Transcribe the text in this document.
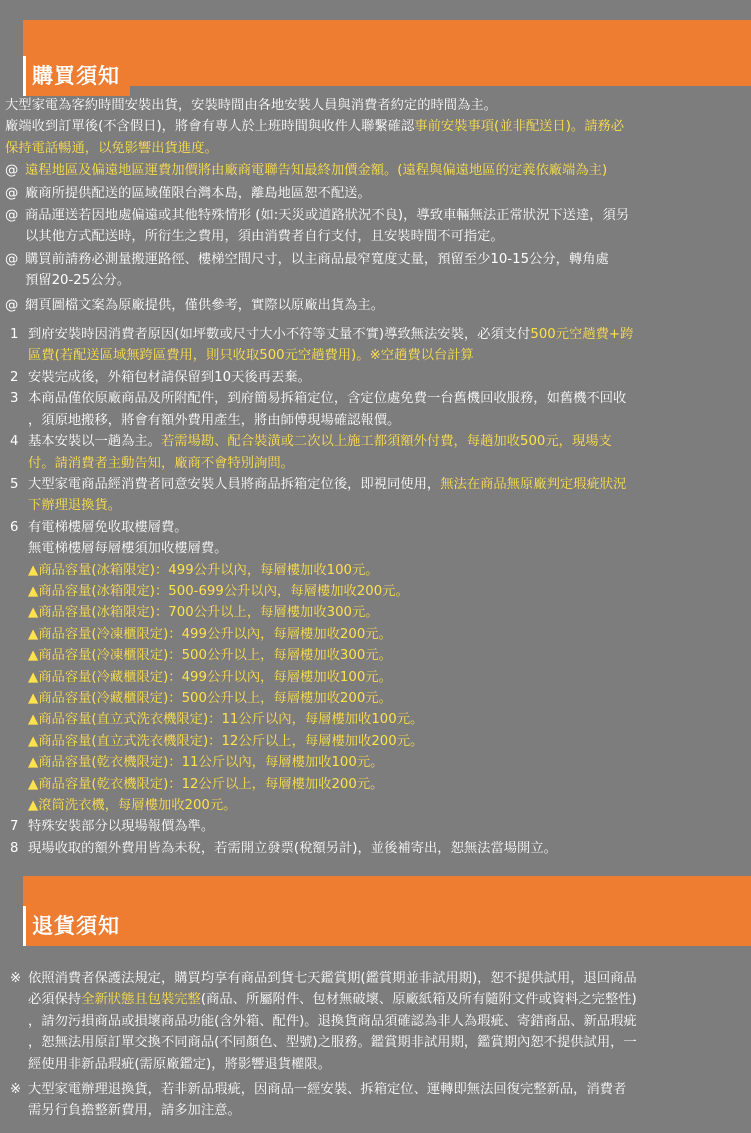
購買須知

大型家電為客約時間安裝出貨，安裝時間由各地安裝人員與消費者約定的時間為主。

廠端收到訂單後(不含假日)，將會有專人於上班時間與收件人聯繫確認事前安裝事項(並非配送日)。請務必

保持電話暢通，以免影響出貨進度。

@ 遠程地區及偏遠地區運費加價將由廠商電聯告知最終加價金額。(遠程與偏遠地區的定義依廠端為主)

@ 廠商所提供配送的區域僅限台灣本島，離島地區恕不配送。

@ 商品運送若因地處偏遠或其他特殊情形 (如:天災或道路狀況不良)，導致車輛無法正常狀況下送達，須另

以其他方式配送時，所衍生之費用，須由消費者自行支付，且安裝時間不可指定。

@ 購買前請務必測量搬運路徑、樓梯空間尺寸，以主商品最窄寬度丈量，預留至少10-15公分，轉角處

預留20-25公分。

@ 網頁圖檔文案為原廠提供，僅供參考，實際以原廠出貨為主。

1 到府安裝時因消費者原因(如坪數或尺寸大小不符等丈量不實)導致無法安裝，必須支付500元空趟費+跨

區費(若配送區域無跨區費用，則只收取500元空趟費用)。※空趟費以台計算

2 安裝完成後，外箱包材請保留到10天後再丟棄。

3 本商品僅依原廠商品及所附配件，到府簡易拆箱定位，含定位處免費一台舊機回收服務，如舊機不回收

，須原地搬移，將會有額外費用產生，將由師傅現場確認報價。

4 基本安裝以一趟為主。若需場勘、配合裝潢或二次以上施工都須額外付費，每趟加收500元，現場支

付。請消費者主動告知，廠商不會特別詢問。

5 大型家電商品經消費者同意安裝人員將商品拆箱定位後，即視同使用，無法在商品無原廠判定瑕疵狀況

下辦理退換貨。

6 有電梯樓層免收取樓層費。

無電梯樓層每層樓須加收樓層費。

▲商品容量(冰箱限定)：499公升以內，每層樓加收100元。

▲商品容量(冰箱限定)：500-699公升以內，每層樓加收200元。

▲商品容量(冰箱限定)：700公升以上，每層樓加收300元。

▲商品容量(冷凍櫃限定)：499公升以內，每層樓加收200元。

▲商品容量(冷凍櫃限定)：500公升以上，每層樓加收300元。

▲商品容量(冷藏櫃限定)：499公升以內，每層樓加收100元。

▲商品容量(冷藏櫃限定)：500公升以上，每層樓加收200元。

▲商品容量(直立式洗衣機限定)：11公斤以內，每層樓加收100元。

▲商品容量(直立式洗衣機限定)：12公斤以上，每層樓加收200元。

▲商品容量(乾衣機限定)：11公斤以內，每層樓加收100元。

▲商品容量(乾衣機限定)：12公斤以上，每層樓加收200元。

▲滾筒洗衣機，每層樓加收200元。

7 特殊安裝部分以現場報價為準。

8 現場收取的額外費用皆為未稅，若需開立發票(稅額另計)，並後補寄出，恕無法當場開立。

退貨須知
※ 依照消費者保護法規定，購買均享有商品到貨七天鑑賞期(鑑賞期並非試用期)，恕不提供試用，退回商品

必須保持全新狀態且包裝完整(商品、所屬附件、包材無破壞、原廠紙箱及所有隨附文件或資料之完整性)

，請勿污損商品或損壞商品功能(含外箱、配件)。退換貨商品須確認為非人為瑕疵、寄錯商品、新品瑕疵

，恕無法用原訂單交換不同商品(不同顏色、型號)之服務。鑑賞期非試用期，鑑賞期內恕不提供試用，一

經使用非新品瑕疵(需原廠鑑定)，將影響退貨權限。

※ 大型家電辦理退換貨，若非新品瑕疵，因商品一經安裝、拆箱定位、運轉即無法回復完整新品，消費者

需另行負擔整新費用，請多加注意。
